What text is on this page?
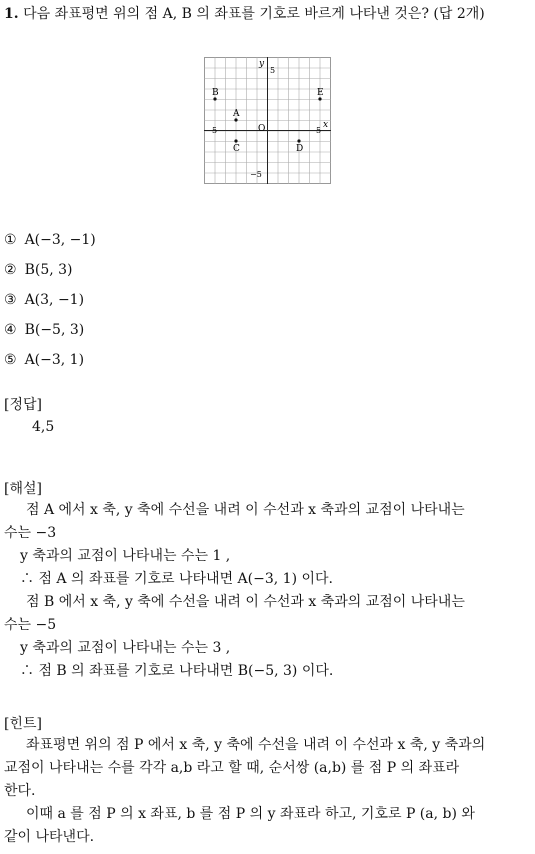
1. 다음 좌표평면 위의 점 A, B 의 좌표를 기호로 바르게 나타낸 것은? (답 2개)
y
x
5
−5
5	5
O
B	E
A
C	D
① A(−3, −1)
② B(5, 3)
③ A(3, −1)
④ B(−5, 3)
⑤ A(−3, 1)
[정답]
4,5
[해설]
점 A 에서 x 축, y 축에 수선을 내려 이 수선과 x 축과의 교점이 나타내는
수는 −3
y 축과의 교점이 나타내는 수는 1 ,
∴ 점 A 의 좌표를 기호로 나타내면 A(−3, 1) 이다.
점 B 에서 x 축, y 축에 수선을 내려 이 수선과 x 축과의 교점이 나타내는
수는 −5
y 축과의 교점이 나타내는 수는 3 ,
∴ 점 B 의 좌표를 기호로 나타내면 B(−5, 3) 이다.
[힌트]
좌표평면 위의 점 P 에서 x 축, y 축에 수선을 내려 이 수선과 x 축, y 축과의
교점이 나타내는 수를 각각 a,b 라고 할 때, 순서쌍 (a,b) 를 점 P 의 좌표라
한다.
이때 a 를 점 P 의 x 좌표, b 를 점 P 의 y 좌표라 하고, 기호로 P (a, b) 와
같이 나타낸다.
